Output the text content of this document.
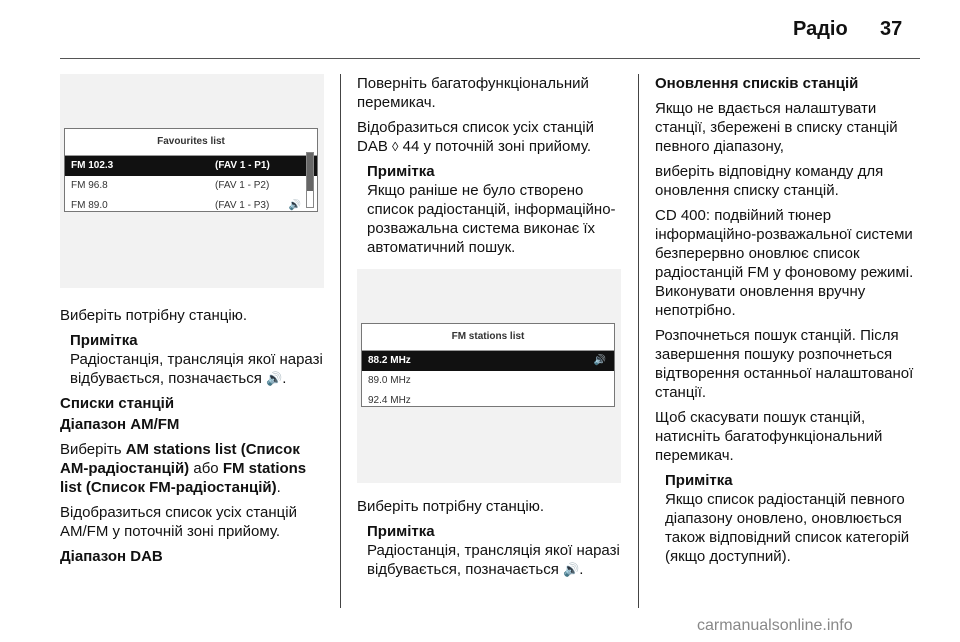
Радіо 37
Favourites list
FM 102.3	(FAV 1 - P1)
FM 96.8	(FAV 1 - P2)
FM 89.0	(FAV 1 - P3) 🔊

Виберіть потрібну станцію.

Примітка
Радіостанція, трансляція якої наразі відбувається, позначається 🔊.

Списки станцій

Діапазон AM/FM

Виберіть AM stations list (Список AM-радіостанцій) або FM stations list (Список FM-радіостанцій).

Відобразиться список усіх станцій AM/FM у поточній зоні прийому.

Діапазон DAB

Поверніть багатофункціональний перемикач.

Відобразиться список усіх станцій DAB ◊ 44 у поточній зоні прийому.

Примітка
Якщо раніше не було створено список радіостанцій, інформаційно-розважальна система виконає їх автоматичний пошук.
FM stations list
88.2 MHz	🔊
89.0 MHz
92.4 MHz

Виберіть потрібну станцію.

Примітка
Радіостанція, трансляція якої наразі відбувається, позначається 🔊.

Оновлення списків станцій

Якщо не вдається налаштувати станції, збережені в списку станцій певного діапазону,

виберіть відповідну команду для оновлення списку станцій.

CD 400: подвійний тюнер інформаційно-розважальної системи безперервно оновлює список радіостанцій FM у фоновому режимі. Виконувати оновлення вручну непотрібно.

Розпочнеться пошук станцій. Після завершення пошуку розпочнеться відтворення останньої налаштованої станції.

Щоб скасувати пошук станцій, натисніть багатофункціональний перемикач.

Примітка
Якщо список радіостанцій певного діапазону оновлено, оновлюється також відповідний список категорій (якщо доступний).
carmanualsonline.info
